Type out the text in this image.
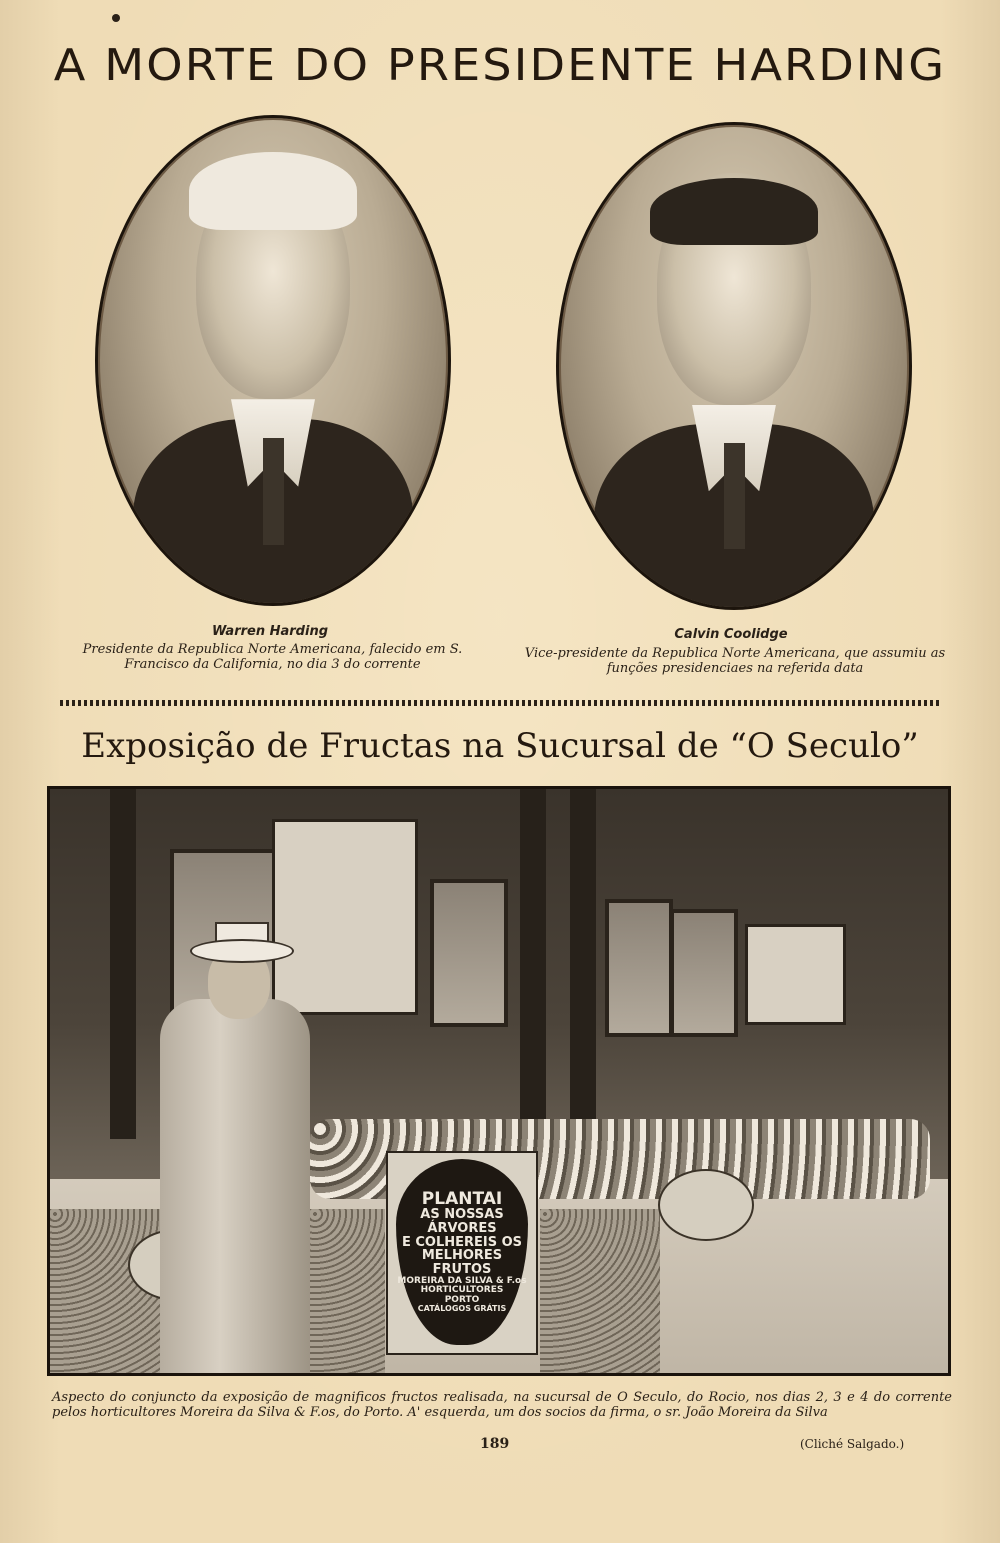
A MORTE DO PRESIDENTE HARDING
Warren Harding
Presidente da Republica Norte Americana, falecido em S. Francisco da California, no dia 3 do corrente
Calvin Coolidge
Vice-presidente da Republica Norte Americana, que assumiu as funções presidenciaes na referida data
Exposição de Fructas na Sucursal de “O Seculo”
PLANTAI
AS NOSSAS
ÁRVORES
E COLHEREIS OS
MELHORES FRUTOS
MOREIRA DA SILVA & F.os
HORTICULTORES
PORTO
CATÁLOGOS GRÁTIS
Aspecto do conjuncto da exposição de magnificos fructos realisada, na sucursal de O Seculo, do Rocio, nos dias 2, 3 e 4 do corrente pelos horticultores Moreira da Silva & F.os, do Porto. A' esquerda, um dos socios da firma, o sr. João Moreira da Silva
189	(Cliché Salgado.)
